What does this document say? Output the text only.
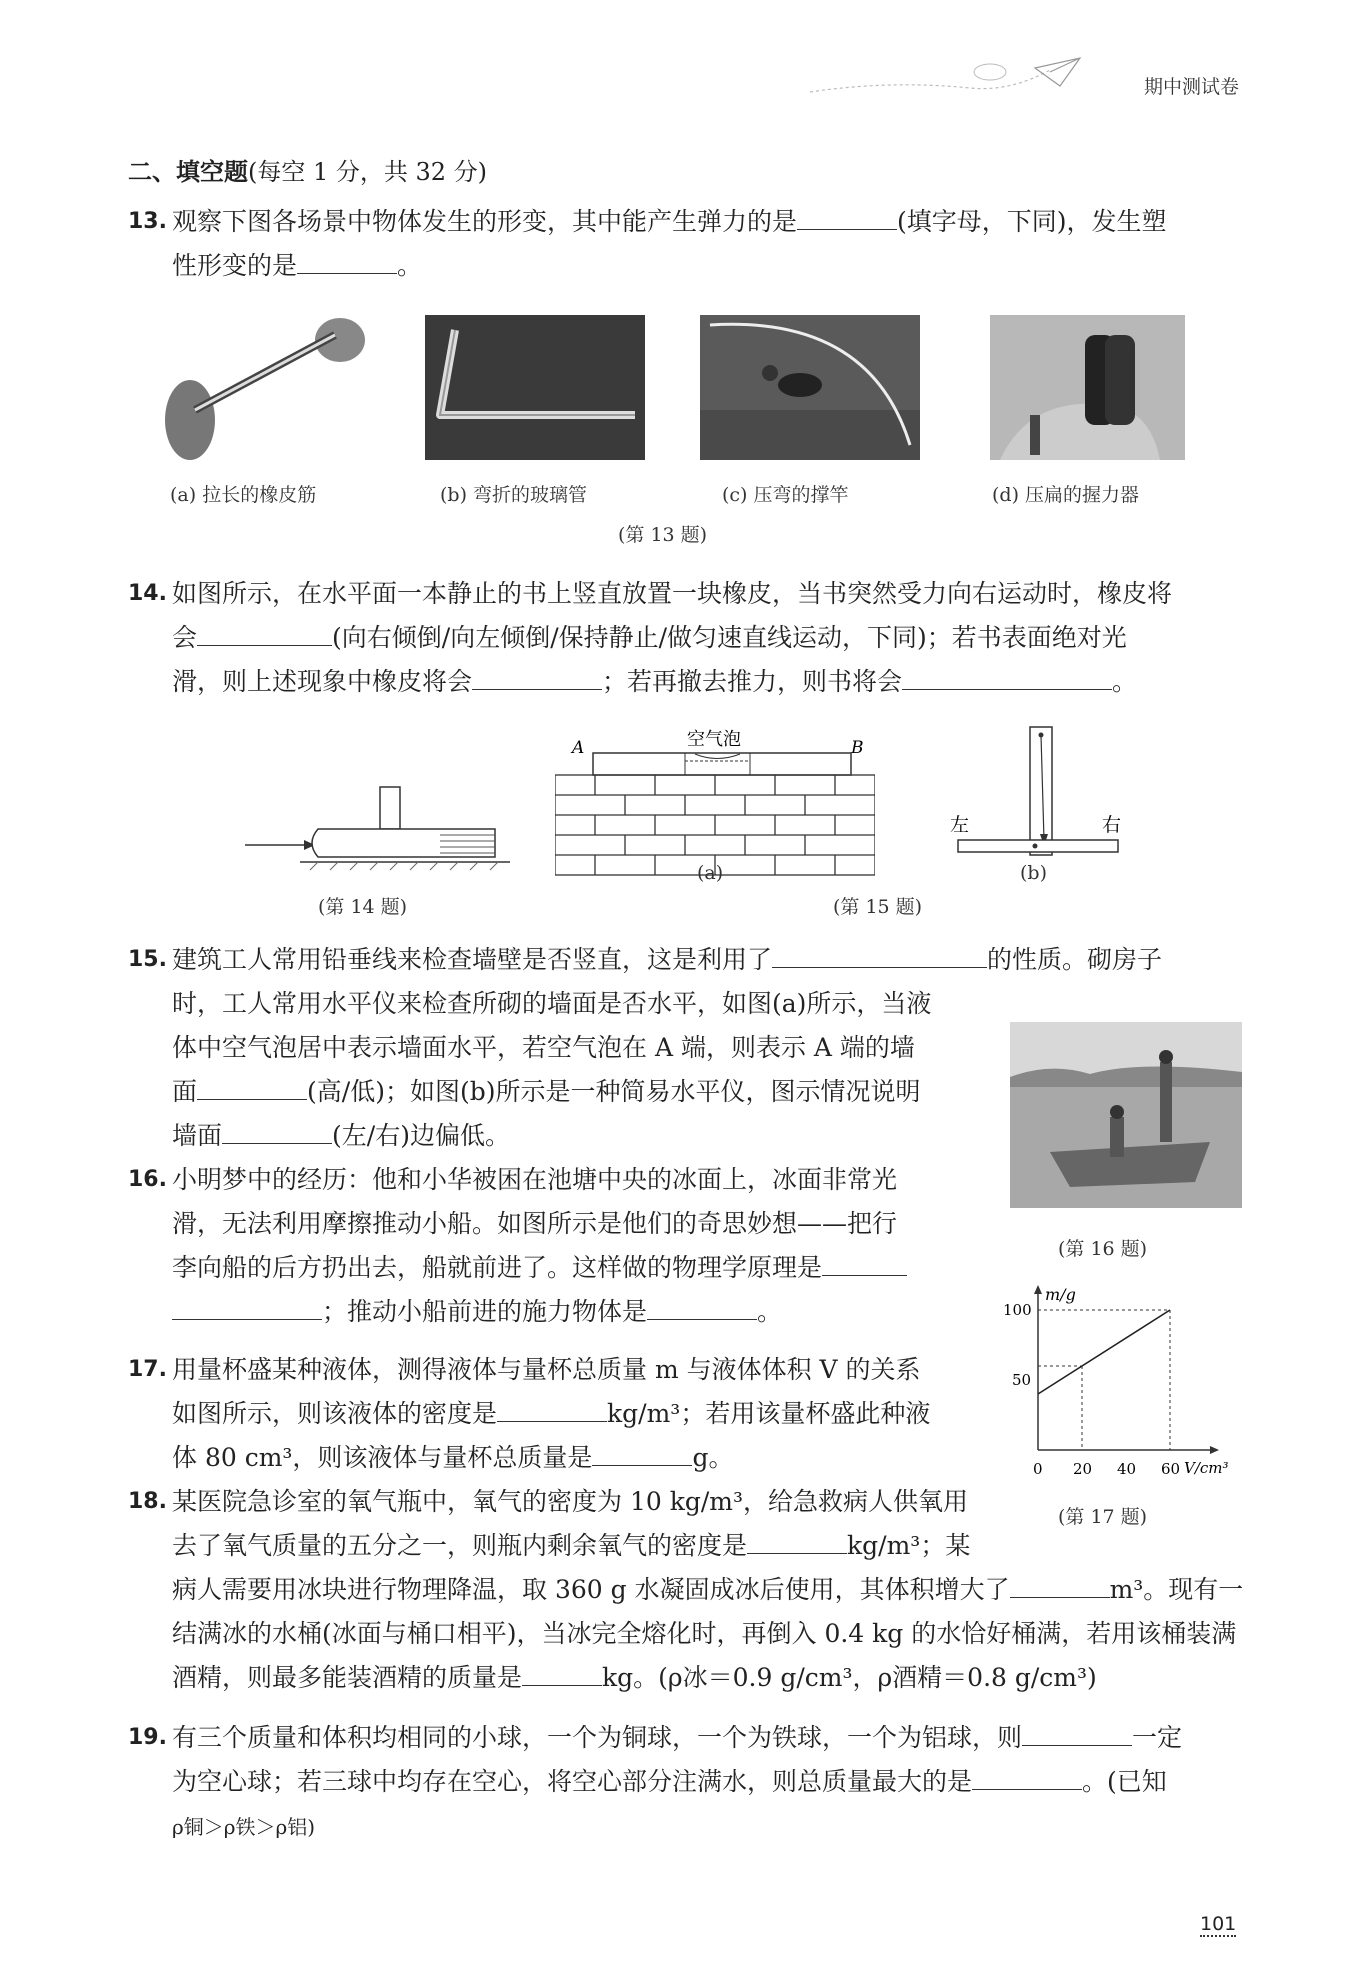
期中测试卷
二、填空题(每空 1 分，共 32 分)
13. 观察下图各场景中物体发生的形变，其中能产生弹力的是	(填字母，下同)，发生塑
性形变的是	。
(a) 拉长的橡皮筋	(b) 弯折的玻璃管	(c) 压弯的撑竿	(d) 压扁的握力器
(第 13 题)
14. 如图所示，在水平面一本静止的书上竖直放置一块橡皮，当书突然受力向右运动时，橡皮将
会	(向右倾倒/向左倾倒/保持静止/做匀速直线运动，下同)；若书表面绝对光
滑，则上述现象中橡皮将会	；若再撤去推力，则书将会	。
(第 14 题)
A	B
空气泡
(a)
左	右
(b)
(第 15 题)
15. 建筑工人常用铅垂线来检查墙壁是否竖直，这是利用了	的性质。砌房子
时，工人常用水平仪来检查所砌的墙面是否水平，如图(a)所示，当液
体中空气泡居中表示墙面水平，若空气泡在 A 端，则表示 A 端的墙
面	(高/低)；如图(b)所示是一种简易水平仪，图示情况说明
墙面	(左/右)边偏低。
(第 16 题)
16. 小明梦中的经历：他和小华被困在池塘中央的冰面上，冰面非常光
滑，无法利用摩擦推动小船。如图所示是他们的奇思妙想——把行
李向船的后方扔出去，船就前进了。这样做的物理学原理是
；推动小船前进的施力物体是	。
m/g
V/cm³
0 20 40 60
50
100
(第 17 题)
17. 用量杯盛某种液体，测得液体与量杯总质量 m 与液体体积 V 的关系
如图所示，则该液体的密度是	kg/m³；若用该量杯盛此种液
体 80 cm³，则该液体与量杯总质量是	g。
18. 某医院急诊室的氧气瓶中，氧气的密度为 10 kg/m³，给急救病人供氧用
去了氧气质量的五分之一，则瓶内剩余氧气的密度是	kg/m³；某
病人需要用冰块进行物理降温，取 360 g 水凝固成冰后使用，其体积增大了	m³。现有一
结满冰的水桶(冰面与桶口相平)，当冰完全熔化时，再倒入 0.4 kg 的水恰好桶满，若用该桶装满
酒精，则最多能装酒精的质量是	kg。(ρ冰＝0.9 g/cm³，ρ酒精＝0.8 g/cm³)
19. 有三个质量和体积均相同的小球，一个为铜球，一个为铁球，一个为铝球，则	一定
为空心球；若三球中均存在空心，将空心部分注满水，则总质量最大的是	。(已知
ρ铜＞ρ铁＞ρ铝)
101
